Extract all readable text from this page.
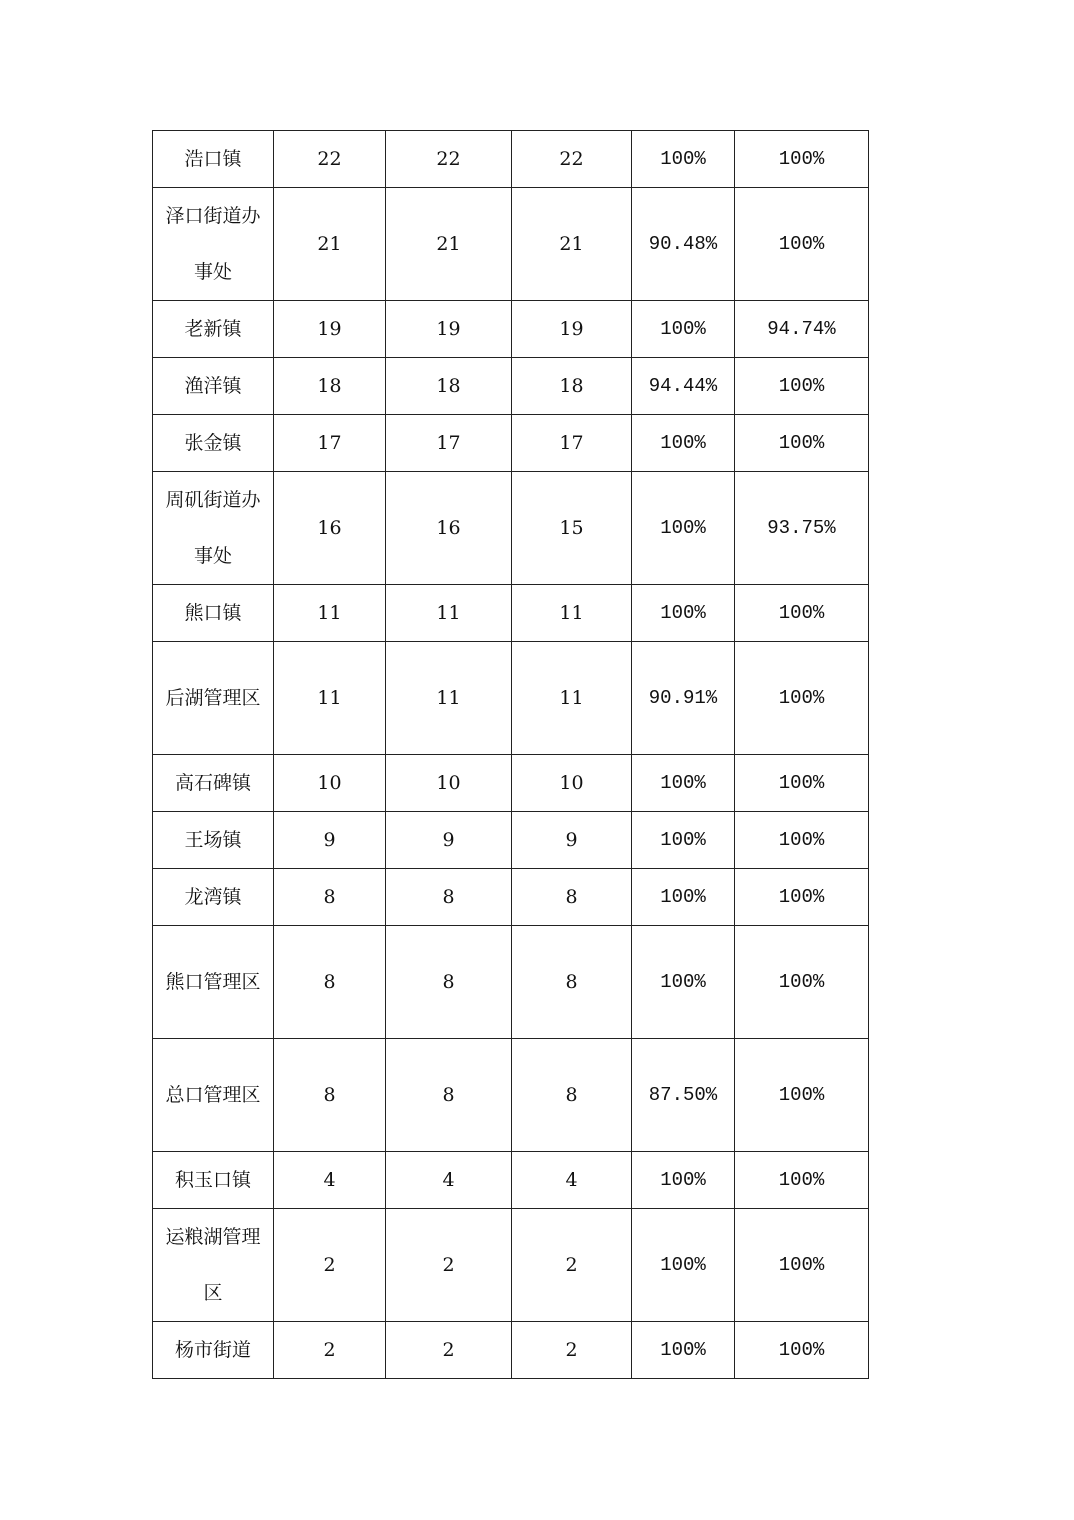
浩口镇	22	22	22	100%	100%
泽口街道办事处	21	21	21	90.48%	100%
老新镇	19	19	19	100%	94.74%
渔洋镇	18	18	18	94.44%	100%
张金镇	17	17	17	100%	100%
周矶街道办事处	16	16	15	100%	93.75%
熊口镇	11	11	11	100%	100%
后湖管理区	11	11	11	90.91%	100%
高石碑镇	10	10	10	100%	100%
王场镇	9	9	9	100%	100%
龙湾镇	8	8	8	100%	100%
熊口管理区	8	8	8	100%	100%
总口管理区	8	8	8	87.50%	100%
积玉口镇	4	4	4	100%	100%
运粮湖管理区	2	2	2	100%	100%
杨市街道	2	2	2	100%	100%
